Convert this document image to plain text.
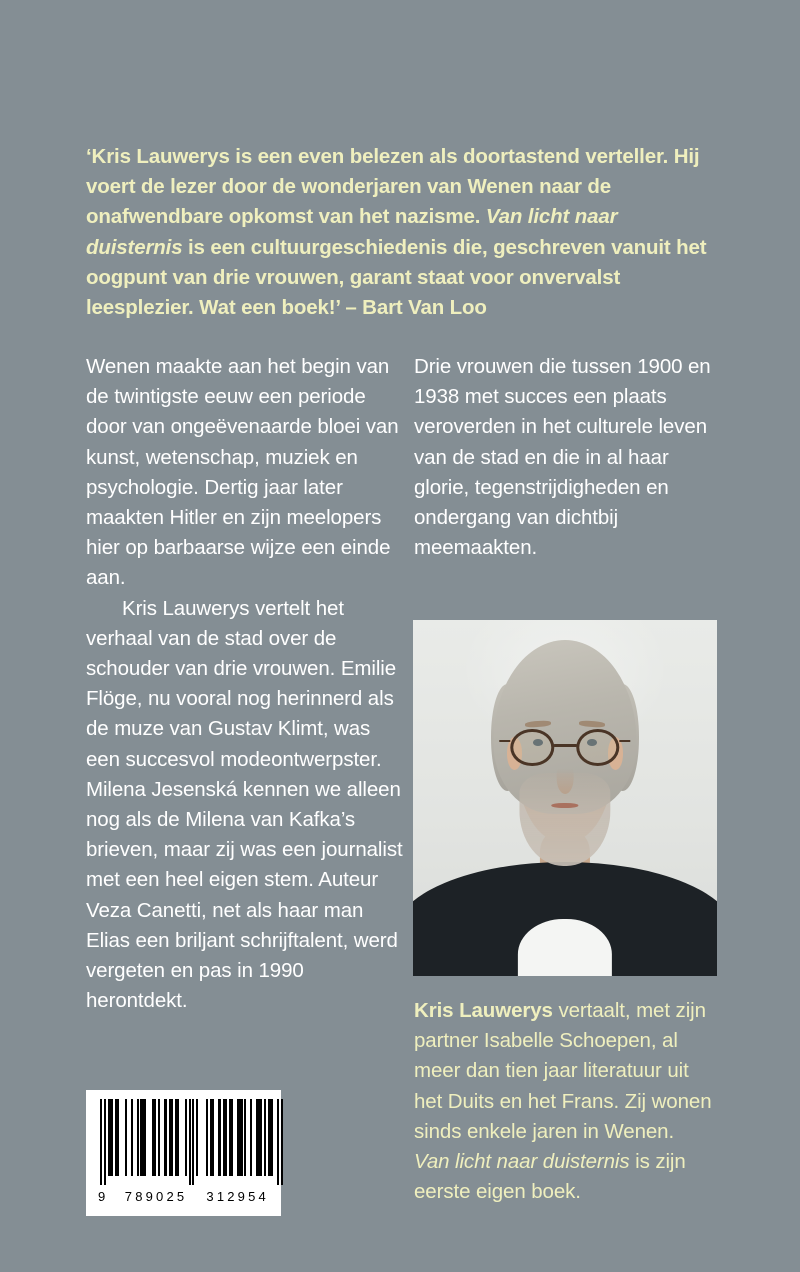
‘Kris Lauwerys is een even belezen als doortastend verteller. Hij voert de lezer door de wonderjaren van Wenen naar de onafwendbare opkomst van het nazisme. Van licht naar duisternis is een cultuurgeschiedenis die, geschreven vanuit het oogpunt van drie vrouwen, garant staat voor onvervalst leesplezier. Wat een boek!’ – Bart Van Loo

Wenen maakte aan het begin van de twintigste eeuw een periode door van ongeëvenaarde bloei van kunst, wetenschap, muziek en psychologie. Dertig jaar later maakten Hitler en zijn meelopers hier op barbaarse wijze een einde aan.

Kris Lauwerys vertelt het verhaal van de stad over de schouder van drie vrouwen. Emilie Flöge, nu vooral nog herinnerd als de muze van Gustav Klimt, was een succesvol modeontwerpster. Milena Jesenská kennen we alleen nog als de Milena van Kafka’s brieven, maar zij was een journalist met een heel eigen stem. Auteur Veza Canetti, net als haar man Elias een briljant schrijftalent, werd vergeten en pas in 1990 herontdekt.

Drie vrouwen die tussen 1900 en 1938 met succes een plaats veroverden in het culturele leven van de stad en die in al haar glorie, tegenstrijdigheden en ondergang van dichtbij meemaakten.

Kris Lauwerys vertaalt, met zijn partner Isabelle Schoepen, al meer dan tien jaar literatuur uit het Duits en het Frans. Zij wonen sinds enkele jaren in Wenen. Van licht naar duisternis is zijn eerste eigen boek.
9 789025 312954
